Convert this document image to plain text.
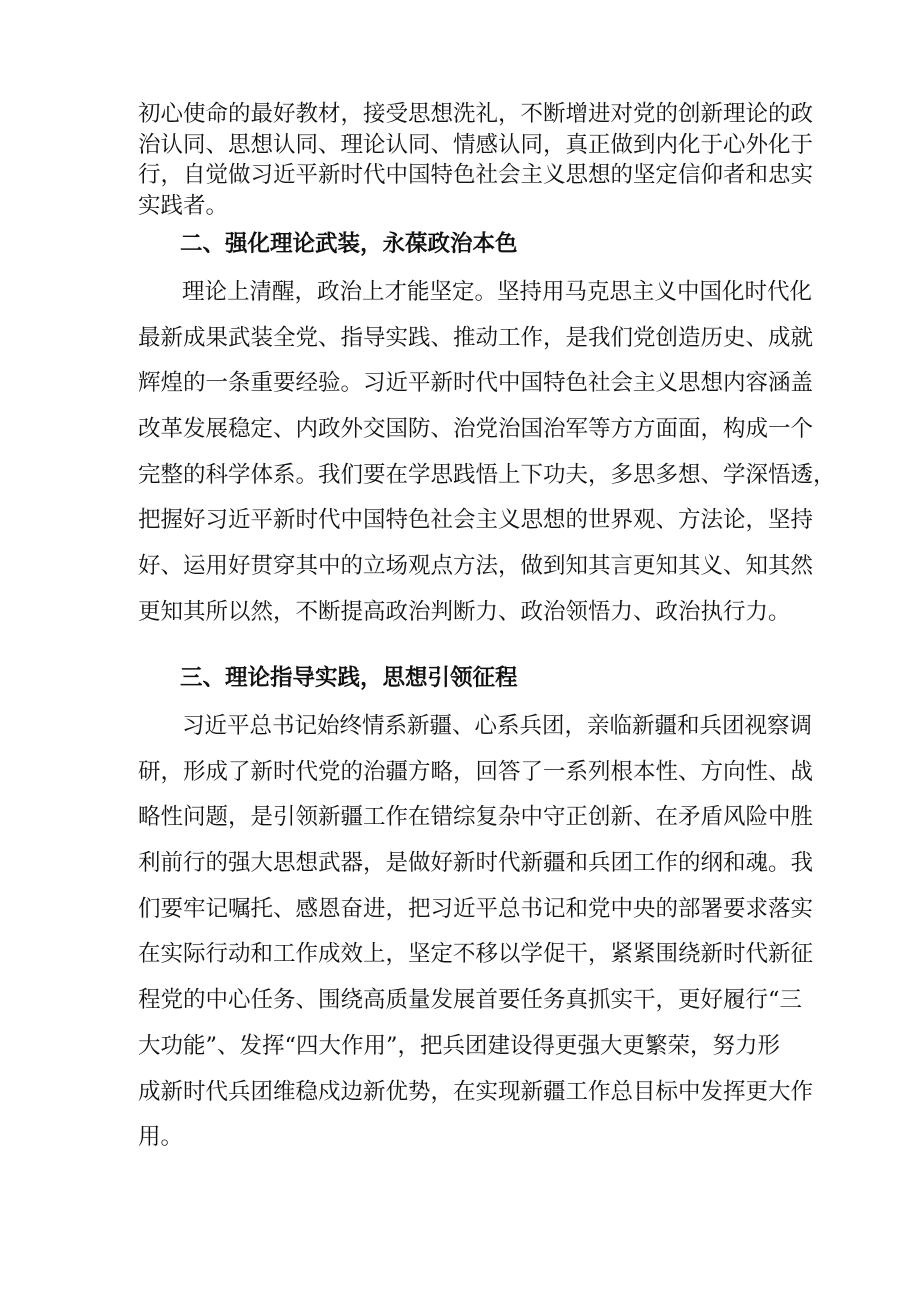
初心使命的最好教材，接受思想洗礼，不断增进对党的创新理论的政
治认同、思想认同、理论认同、情感认同，真正做到内化于心外化于
行，自觉做习近平新时代中国特色社会主义思想的坚定信仰者和忠实
实践者。
二、强化理论武装，永葆政治本色
理论上清醒，政治上才能坚定。坚持用马克思主义中国化时代化
最新成果武装全党、指导实践、推动工作，是我们党创造历史、成就
辉煌的一条重要经验。习近平新时代中国特色社会主义思想内容涵盖
改革发展稳定、内政外交国防、治党治国治军等方方面面，构成一个
完整的科学体系。我们要在学思践悟上下功夫，多思多想、学深悟透，
把握好习近平新时代中国特色社会主义思想的世界观、方法论，坚持
好、运用好贯穿其中的立场观点方法，做到知其言更知其义、知其然
更知其所以然，不断提高政治判断力、政治领悟力、政治执行力。
三、理论指导实践，思想引领征程
习近平总书记始终情系新疆、心系兵团，亲临新疆和兵团视察调
研，形成了新时代党的治疆方略，回答了一系列根本性、方向性、战
略性问题，是引领新疆工作在错综复杂中守正创新、在矛盾风险中胜
利前行的强大思想武器，是做好新时代新疆和兵团工作的纲和魂。我
们要牢记嘱托、感恩奋进，把习近平总书记和党中央的部署要求落实
在实际行动和工作成效上，坚定不移以学促干，紧紧围绕新时代新征
程党的中心任务、围绕高质量发展首要任务真抓实干，更好履行“三
大功能”、发挥“四大作用”，把兵团建设得更强大更繁荣，努力形
成新时代兵团维稳戍边新优势，在实现新疆工作总目标中发挥更大作
用。
